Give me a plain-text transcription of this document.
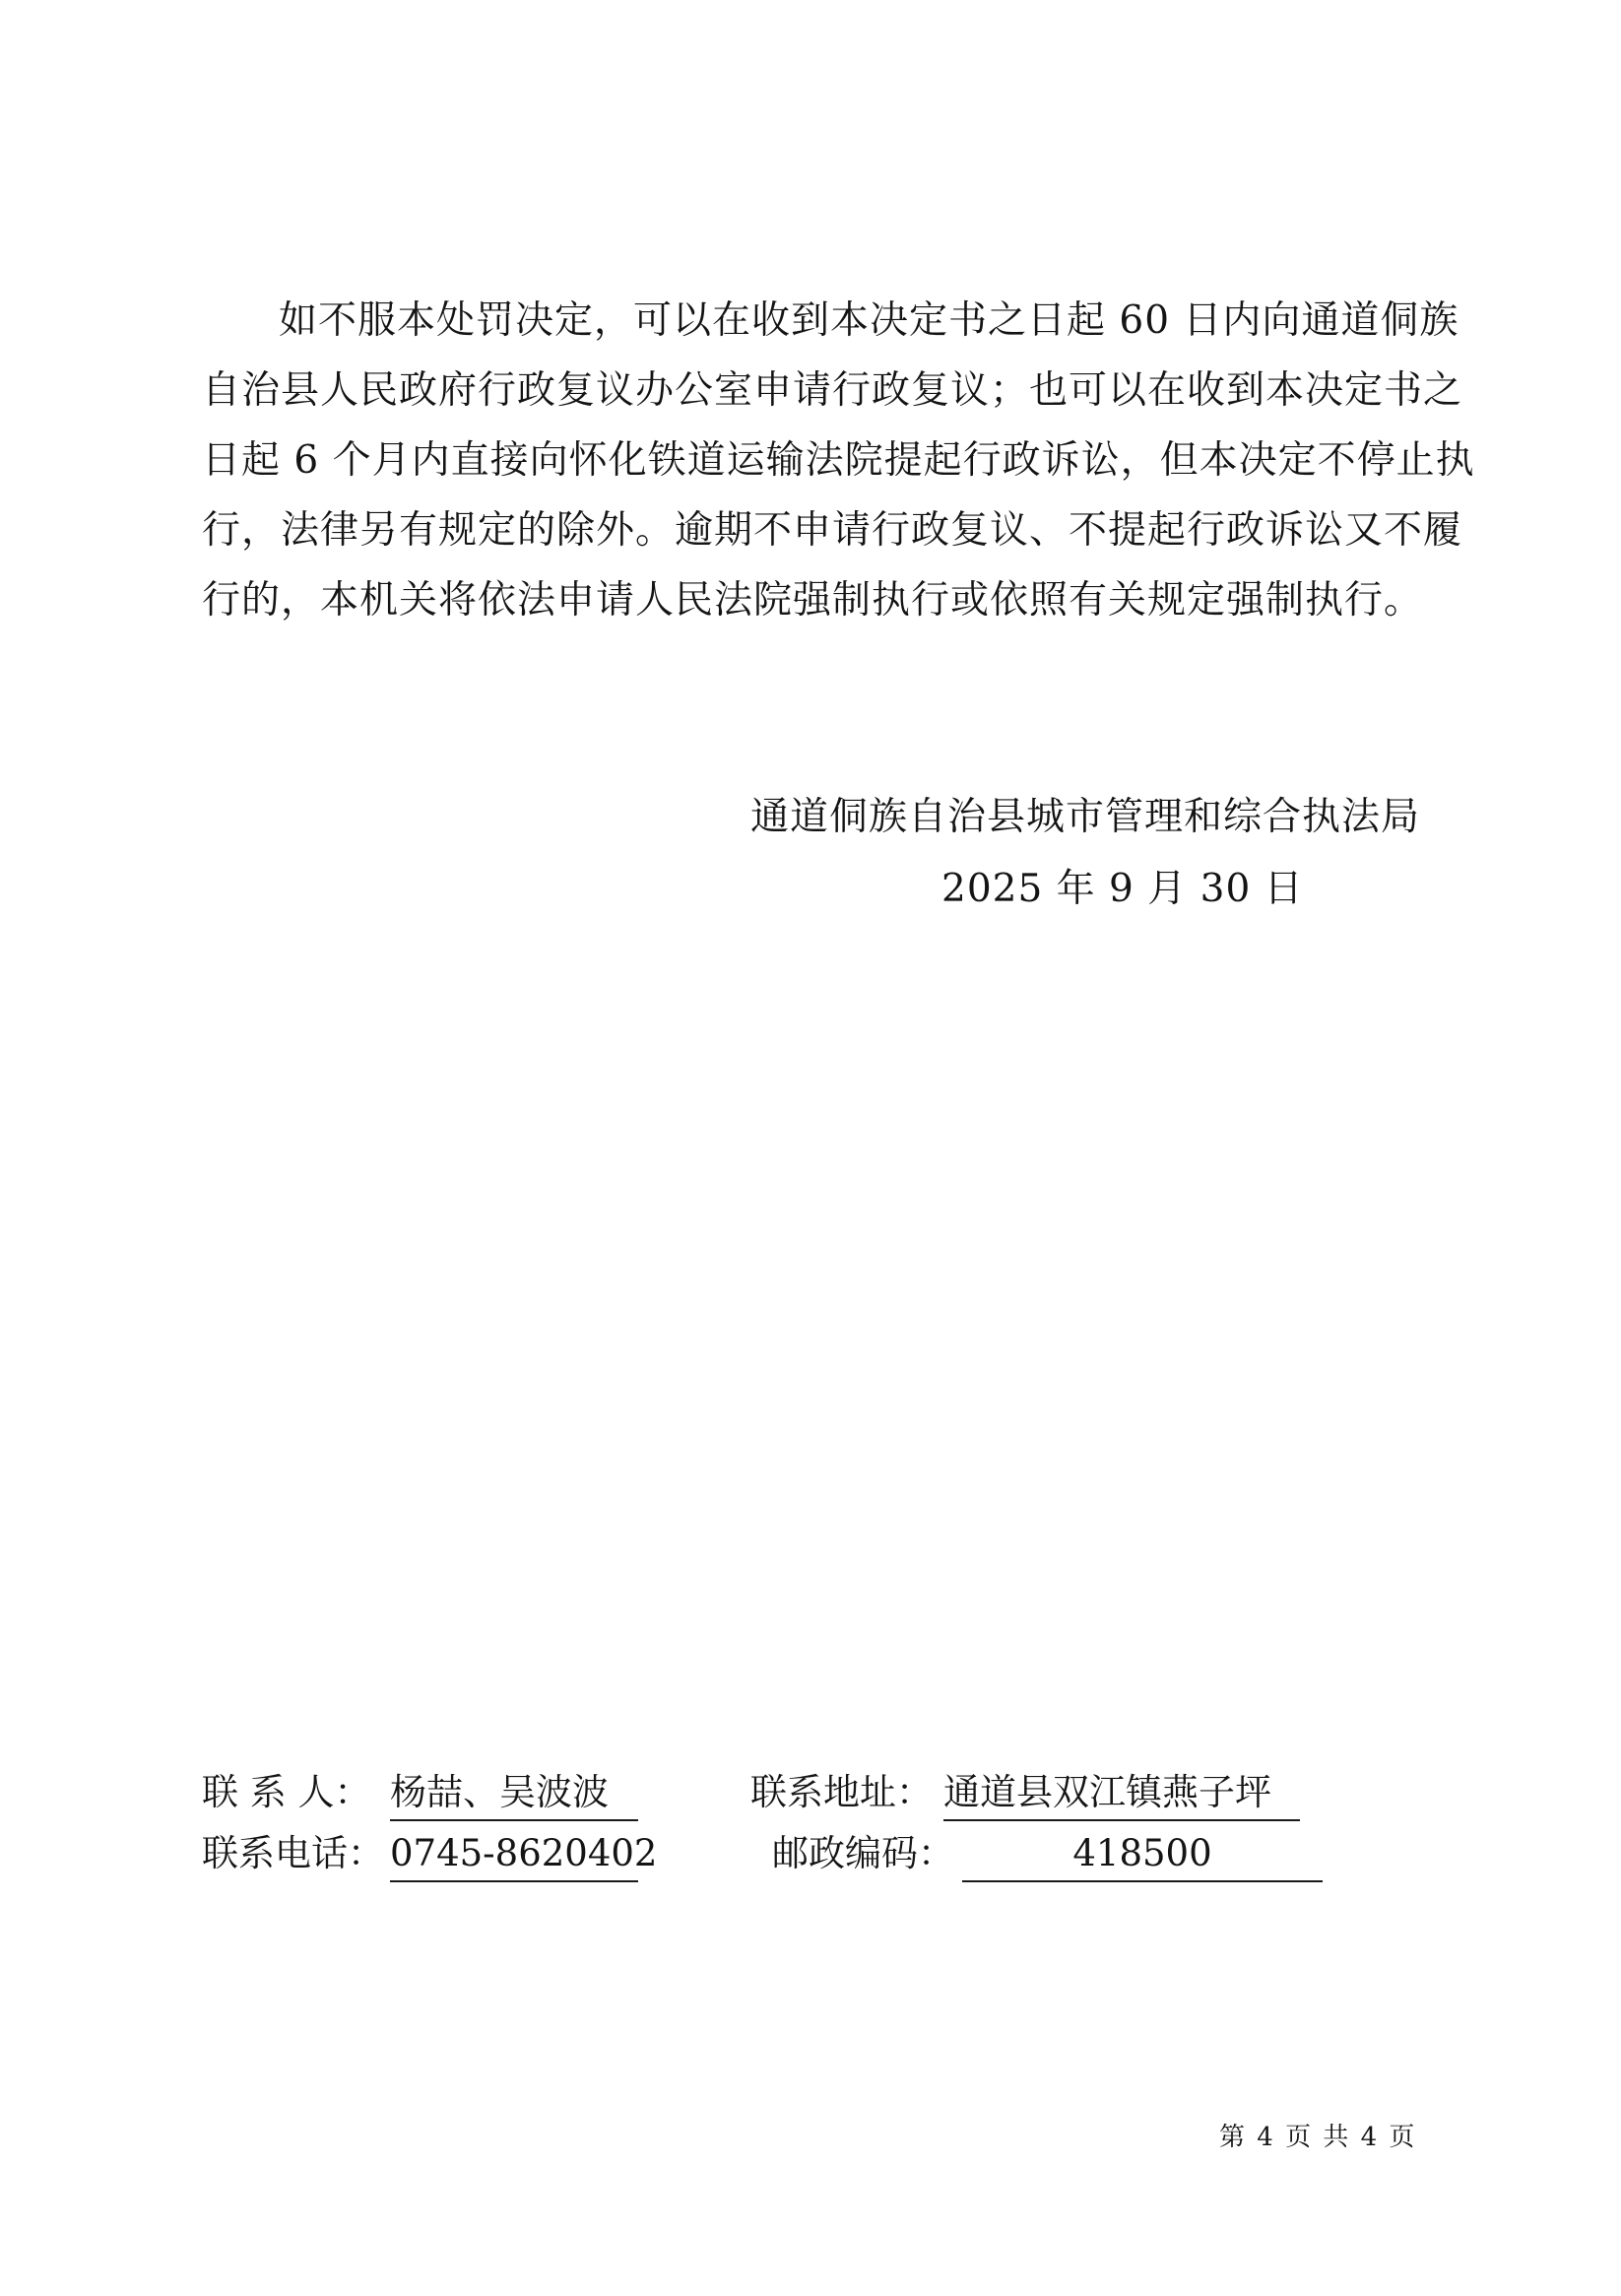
如不服本处罚决定，可以在收到本决定书之日起 60 日内向通道侗族

自治县人民政府行政复议办公室申请行政复议；也可以在收到本决定书之

日起 6 个月内直接向怀化铁道运输法院提起行政诉讼，但本决定不停止执

行，法律另有规定的除外。逾期不申请行政复议、不提起行政诉讼又不履

行的，本机关将依法申请人民法院强制执行或依照有关规定强制执行。

通道侗族自治县城市管理和综合执法局
2025 年 9 月 30 日
联 系 人： 杨喆、吴波波	联系地址： 通道县双江镇燕子坪
联系电话： 0745-8620402	邮政编码：	418500
第 4 页 共 4 页
